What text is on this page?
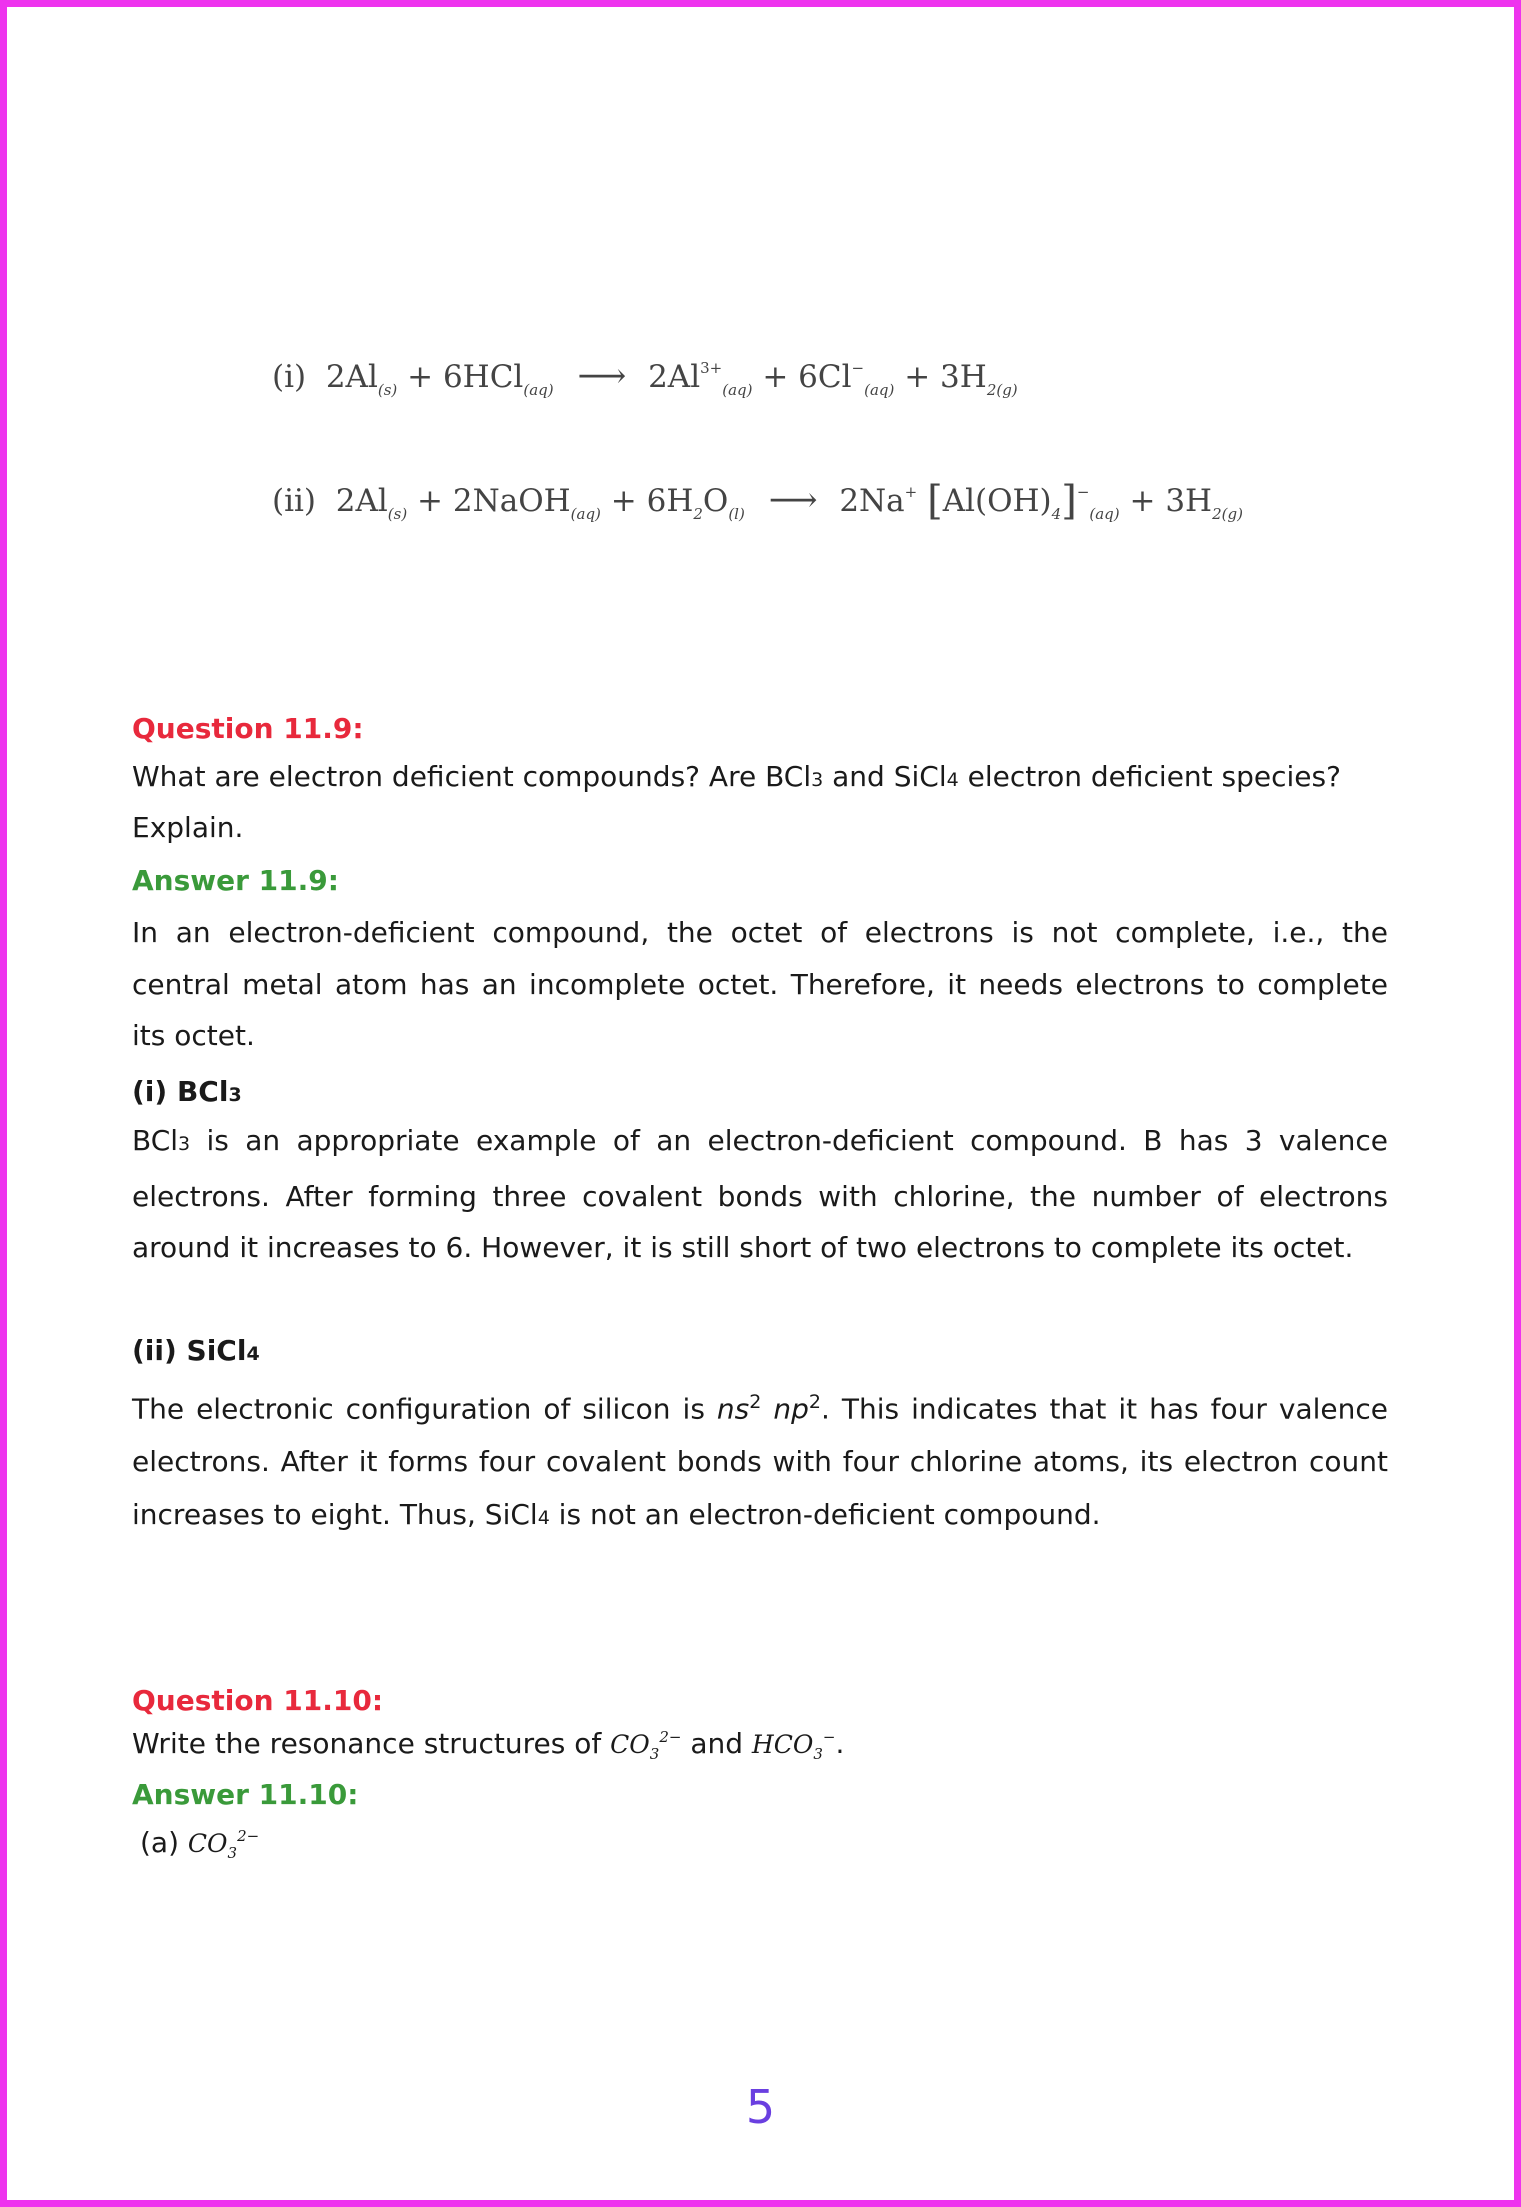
(i) $2Al_{(s)} + 6HCl_{(aq)}$ ⟶ $2Al^{3+}_{(aq)} + 6Cl^-_{(aq)} + 3H_{2(g)}$
(ii) $2Al_{(s)}$ + 2NaOH$_{(aq)}$ + $6H_2O_{(l)}$ ⟶ 2Na+ $[Al(OH)_4]^-_{(aq)} + 3H_{2(g)}$
Question 11.9:
What are electron deficient compounds? Are BCl3 and SiCl4 electron deficient species?
Explain.
Answer 11.9:
In an electron-deficient compound, the octet of electrons is not complete, i.e., the central metal atom has an incomplete octet. Therefore, it needs electrons to complete its octet.
(i) BCl3
BCl3 is an appropriate example of an electron-deficient compound. B has 3 valence electrons. After forming three covalent bonds with chlorine, the number of electrons around it increases to 6. However, it is still short of two electrons to complete its octet.
(ii) SiCl4
The electronic configuration of silicon is $ns^2$ $np^2$. This indicates that it has four valence electrons. After it forms four covalent bonds with four chlorine atoms, its electron count increases to eight. Thus, SiCl4 is not an electron-deficient compound.
Question 11.10:
Write the resonance structures of $CO_3^{2-}$ and $HCO_3^-$.
Answer 11.10:
(a) $CO_3^{2-}$
5
